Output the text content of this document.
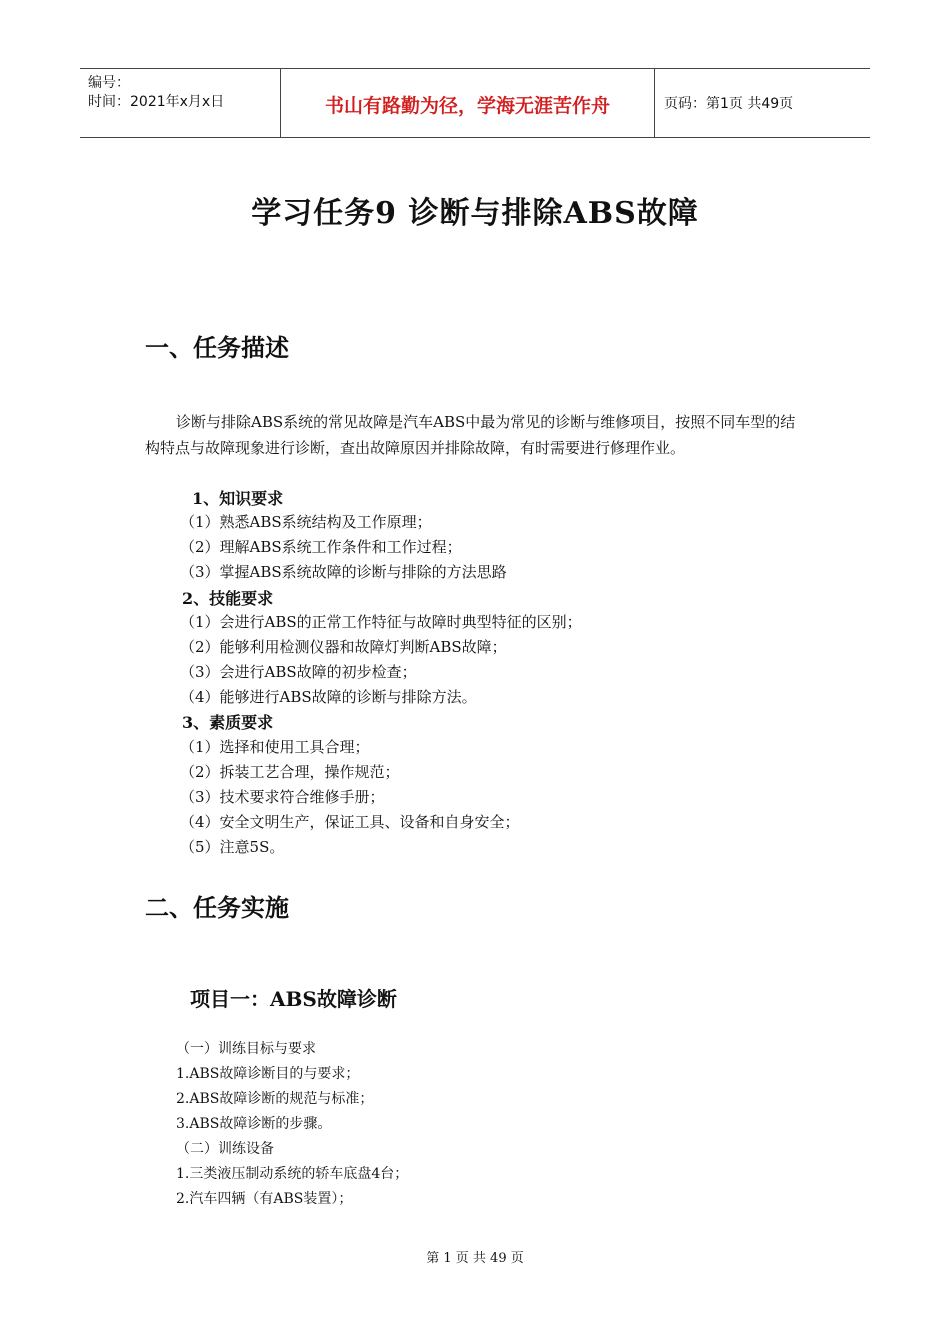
编号：
时间：2021年x月x日	书山有路勤为径，学海无涯苦作舟	页码：第1页 共49页
学习任务9 诊断与排除ABS故障
一、任务描述
诊断与排除ABS系统的常见故障是汽车ABS中最为常见的诊断与维修项目，按照不同车型的结构特点与故障现象进行诊断，查出故障原因并排除故障，有时需要进行修理作业。
1、知识要求
（1）熟悉ABS系统结构及工作原理；
（2）理解ABS系统工作条件和工作过程；
（3）掌握ABS系统故障的诊断与排除的方法思路
2、技能要求
（1）会进行ABS的正常工作特征与故障时典型特征的区别；
（2）能够利用检测仪器和故障灯判断ABS故障；
（3）会进行ABS故障的初步检查；
（4）能够进行ABS故障的诊断与排除方法。
3、素质要求
（1）选择和使用工具合理；
（2）拆装工艺合理，操作规范；
（3）技术要求符合维修手册；
（4）安全文明生产，保证工具、设备和自身安全；
（5）注意5S。
二、任务实施
项目一：ABS故障诊断
（一）训练目标与要求
1.ABS故障诊断目的与要求；
2.ABS故障诊断的规范与标准；
3.ABS故障诊断的步骤。
（二）训练设备
1.三类液压制动系统的轿车底盘4台；
2.汽车四辆（有ABS装置）；
第 1 页 共 49 页
